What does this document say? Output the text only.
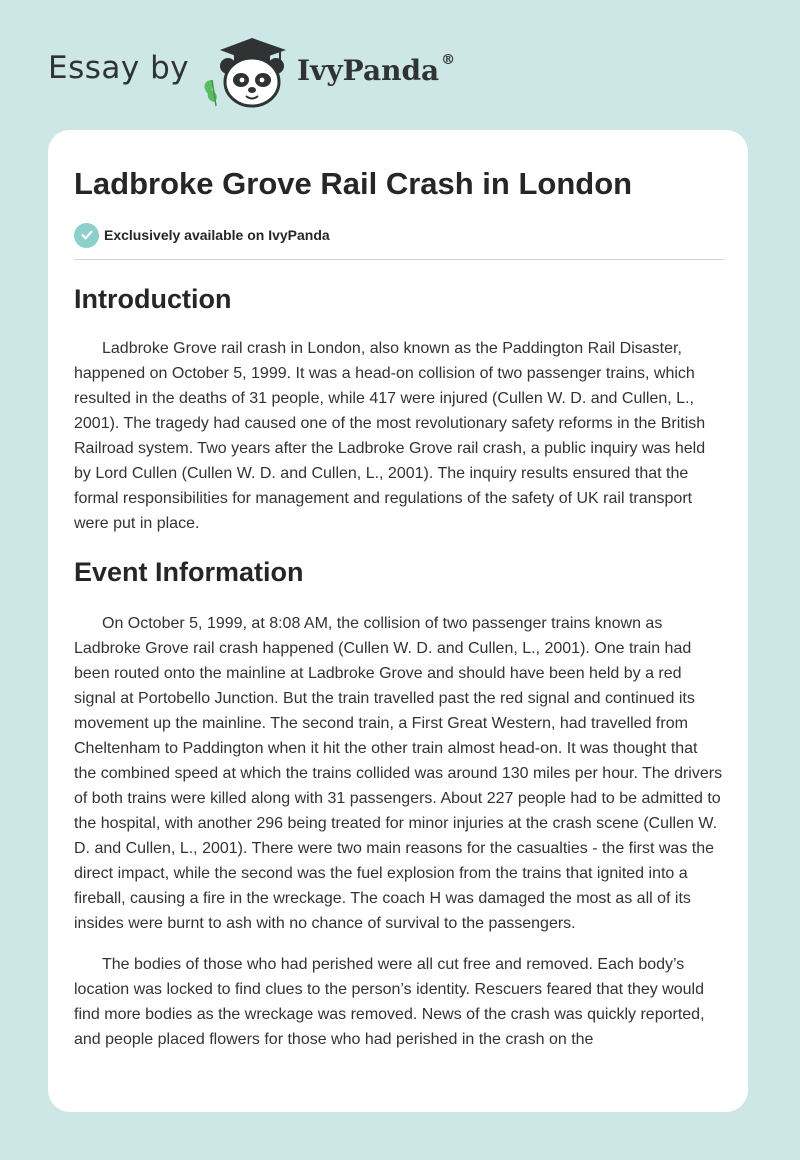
Essay by	IvyPanda ®
Ladbroke Grove Rail Crash in London
Exclusively available on IvyPanda
Introduction

Ladbroke Grove rail crash in London, also known as the Paddington Rail Disaster, happened on October 5, 1999. It was a head-on collision of two passenger trains, which resulted in the deaths of 31 people, while 417 were injured (Cullen W. D. and Cullen, L., 2001). The tragedy had caused one of the most revolutionary safety reforms in the British Railroad system. Two years after the Ladbroke Grove rail crash, a public inquiry was held by Lord Cullen (Cullen W. D. and Cullen, L., 2001). The inquiry results ensured that the formal responsibilities for management and regulations of the safety of UK rail transport were put in place.

Event Information

On October 5, 1999, at 8:08 AM, the collision of two passenger trains known as Ladbroke Grove rail crash happened (Cullen W. D. and Cullen, L., 2001). One train had been routed onto the mainline at Ladbroke Grove and should have been held by a red signal at Portobello Junction. But the train travelled past the red signal and continued its movement up the mainline. The second train, a First Great Western, had travelled from Cheltenham to Paddington when it hit the other train almost head-on. It was thought that the combined speed at which the trains collided was around 130 miles per hour. The drivers of both trains were killed along with 31 passengers. About 227 people had to be admitted to the hospital, with another 296 being treated for minor injuries at the crash scene (Cullen W. D. and Cullen, L., 2001). There were two main reasons for the casualties - the first was the direct impact, while the second was the fuel explosion from the trains that ignited into a fireball, causing a fire in the wreckage. The coach H was damaged the most as all of its insides were burnt to ash with no chance of survival to the passengers.

The bodies of those who had perished were all cut free and removed. Each body’s location was locked to find clues to the person’s identity. Rescuers feared that they would find more bodies as the wreckage was removed. News of the crash was quickly reported, and people placed flowers for those who had perished in the crash on the
